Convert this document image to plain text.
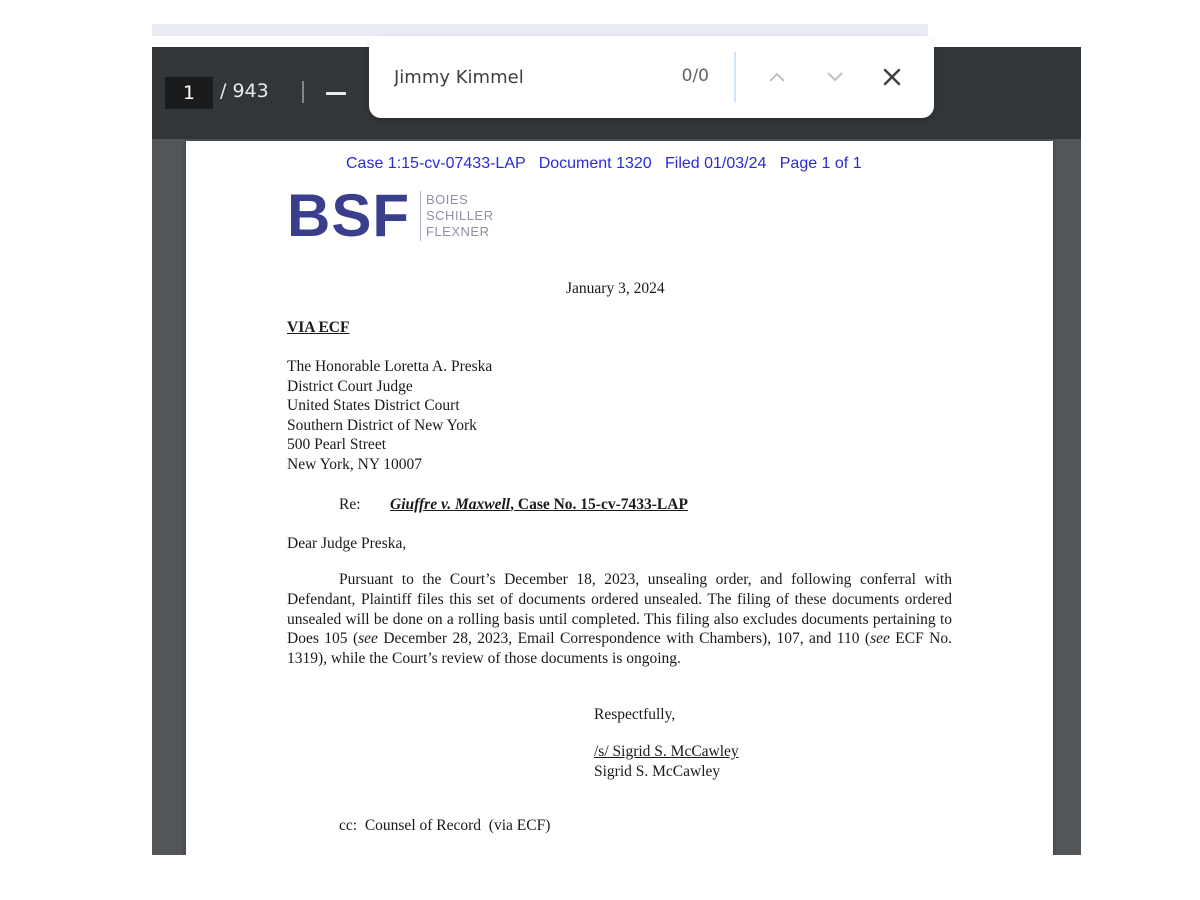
1
/ 943
Case 1:15-cv-07433-LAP   Document 1320   Filed 01/03/24   Page 1 of 1
BSF BOIES
SCHILLER
FLEXNER
January 3, 2024
VIA ECF
The Honorable Loretta A. Preska
District Court Judge
United States District Court
Southern District of New York
500 Pearl Street
New York, NY 10007
Re: Giuffre v. Maxwell, Case No. 15-cv-7433-LAP
Dear Judge Preska,

Pursuant to the Court’s December 18, 2023, unsealing order, and following conferral with Defendant, Plaintiff files this set of documents ordered unsealed. The filing of these documents ordered unsealed will be done on a rolling basis until completed. This filing also excludes documents pertaining to Does 105 (see December 28, 2023, Email Correspondence with Chambers), 107, and 110 (see ECF No. 1319), while the Court’s review of those documents is ongoing.

Respectfully,
/s/ Sigrid S. McCawley
Sigrid S. McCawley
cc:  Counsel of Record  (via ECF)
Jimmy Kimmel
0/0
